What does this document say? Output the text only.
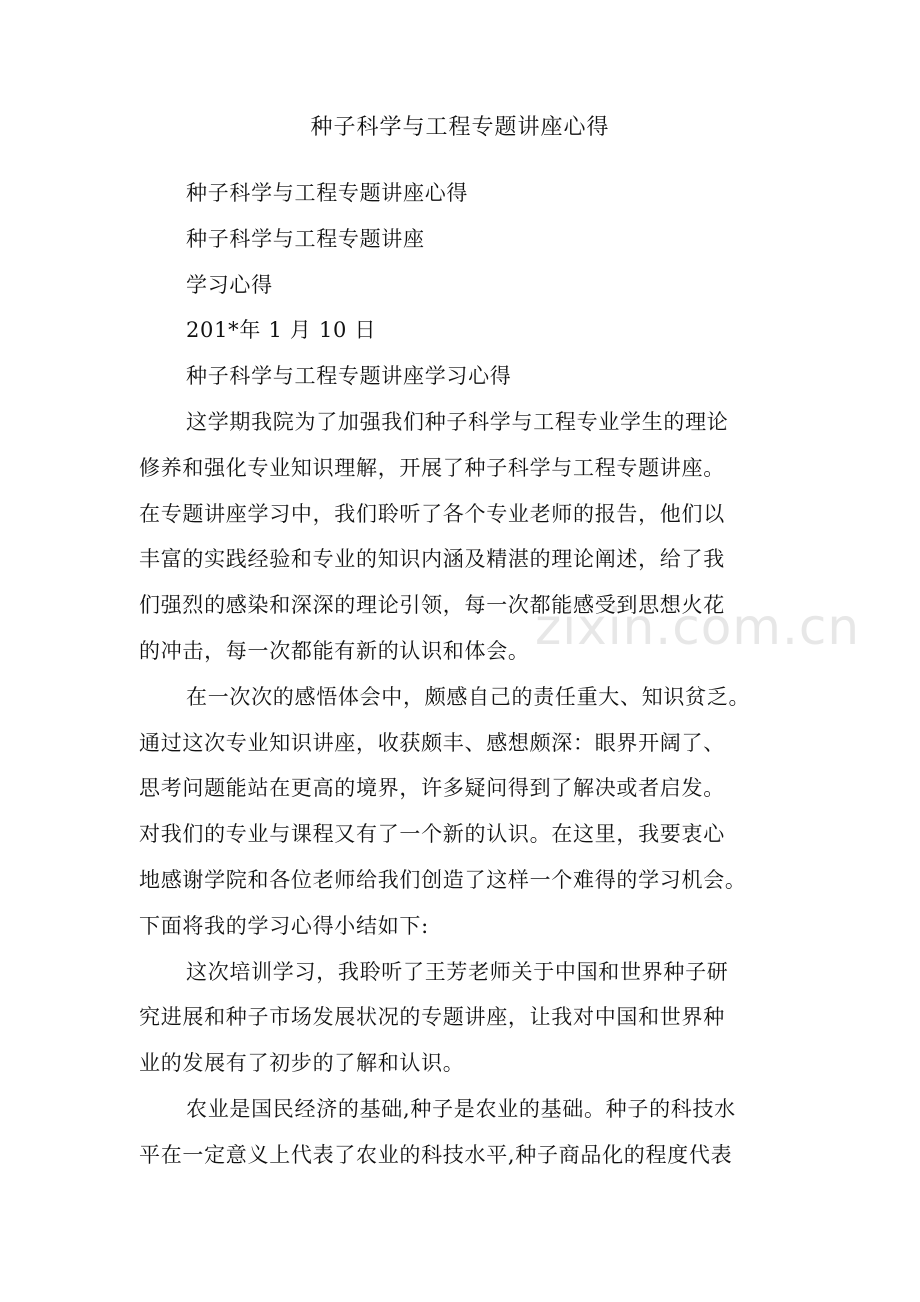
种子科学与工程专题讲座心得
种子科学与工程专题讲座心得
种子科学与工程专题讲座
学习心得
201*年 1 月 10 日
种子科学与工程专题讲座学习心得
这学期我院为了加强我们种子科学与工程专业学生的理论
修养和强化专业知识理解，开展了种子科学与工程专题讲座。
在专题讲座学习中，我们聆听了各个专业老师的报告，他们以
丰富的实践经验和专业的知识内涵及精湛的理论阐述，给了我
们强烈的感染和深深的理论引领，每一次都能感受到思想火花
的冲击，每一次都能有新的认识和体会。
在一次次的感悟体会中，颇感自己的责任重大、知识贫乏。
通过这次专业知识讲座，收获颇丰、感想颇深：眼界开阔了、
思考问题能站在更高的境界，许多疑问得到了解决或者启发。
对我们的专业与课程又有了一个新的认识。在这里，我要衷心
地感谢学院和各位老师给我们创造了这样一个难得的学习机会。
下面将我的学习心得小结如下:
这次培训学习，我聆听了王芳老师关于中国和世界种子研
究进展和种子市场发展状况的专题讲座，让我对中国和世界种
业的发展有了初步的了解和认识。
农业是国民经济的基础,种子是农业的基础。种子的科技水
平在一定意义上代表了农业的科技水平,种子商品化的程度代表
zixin.com.cn
